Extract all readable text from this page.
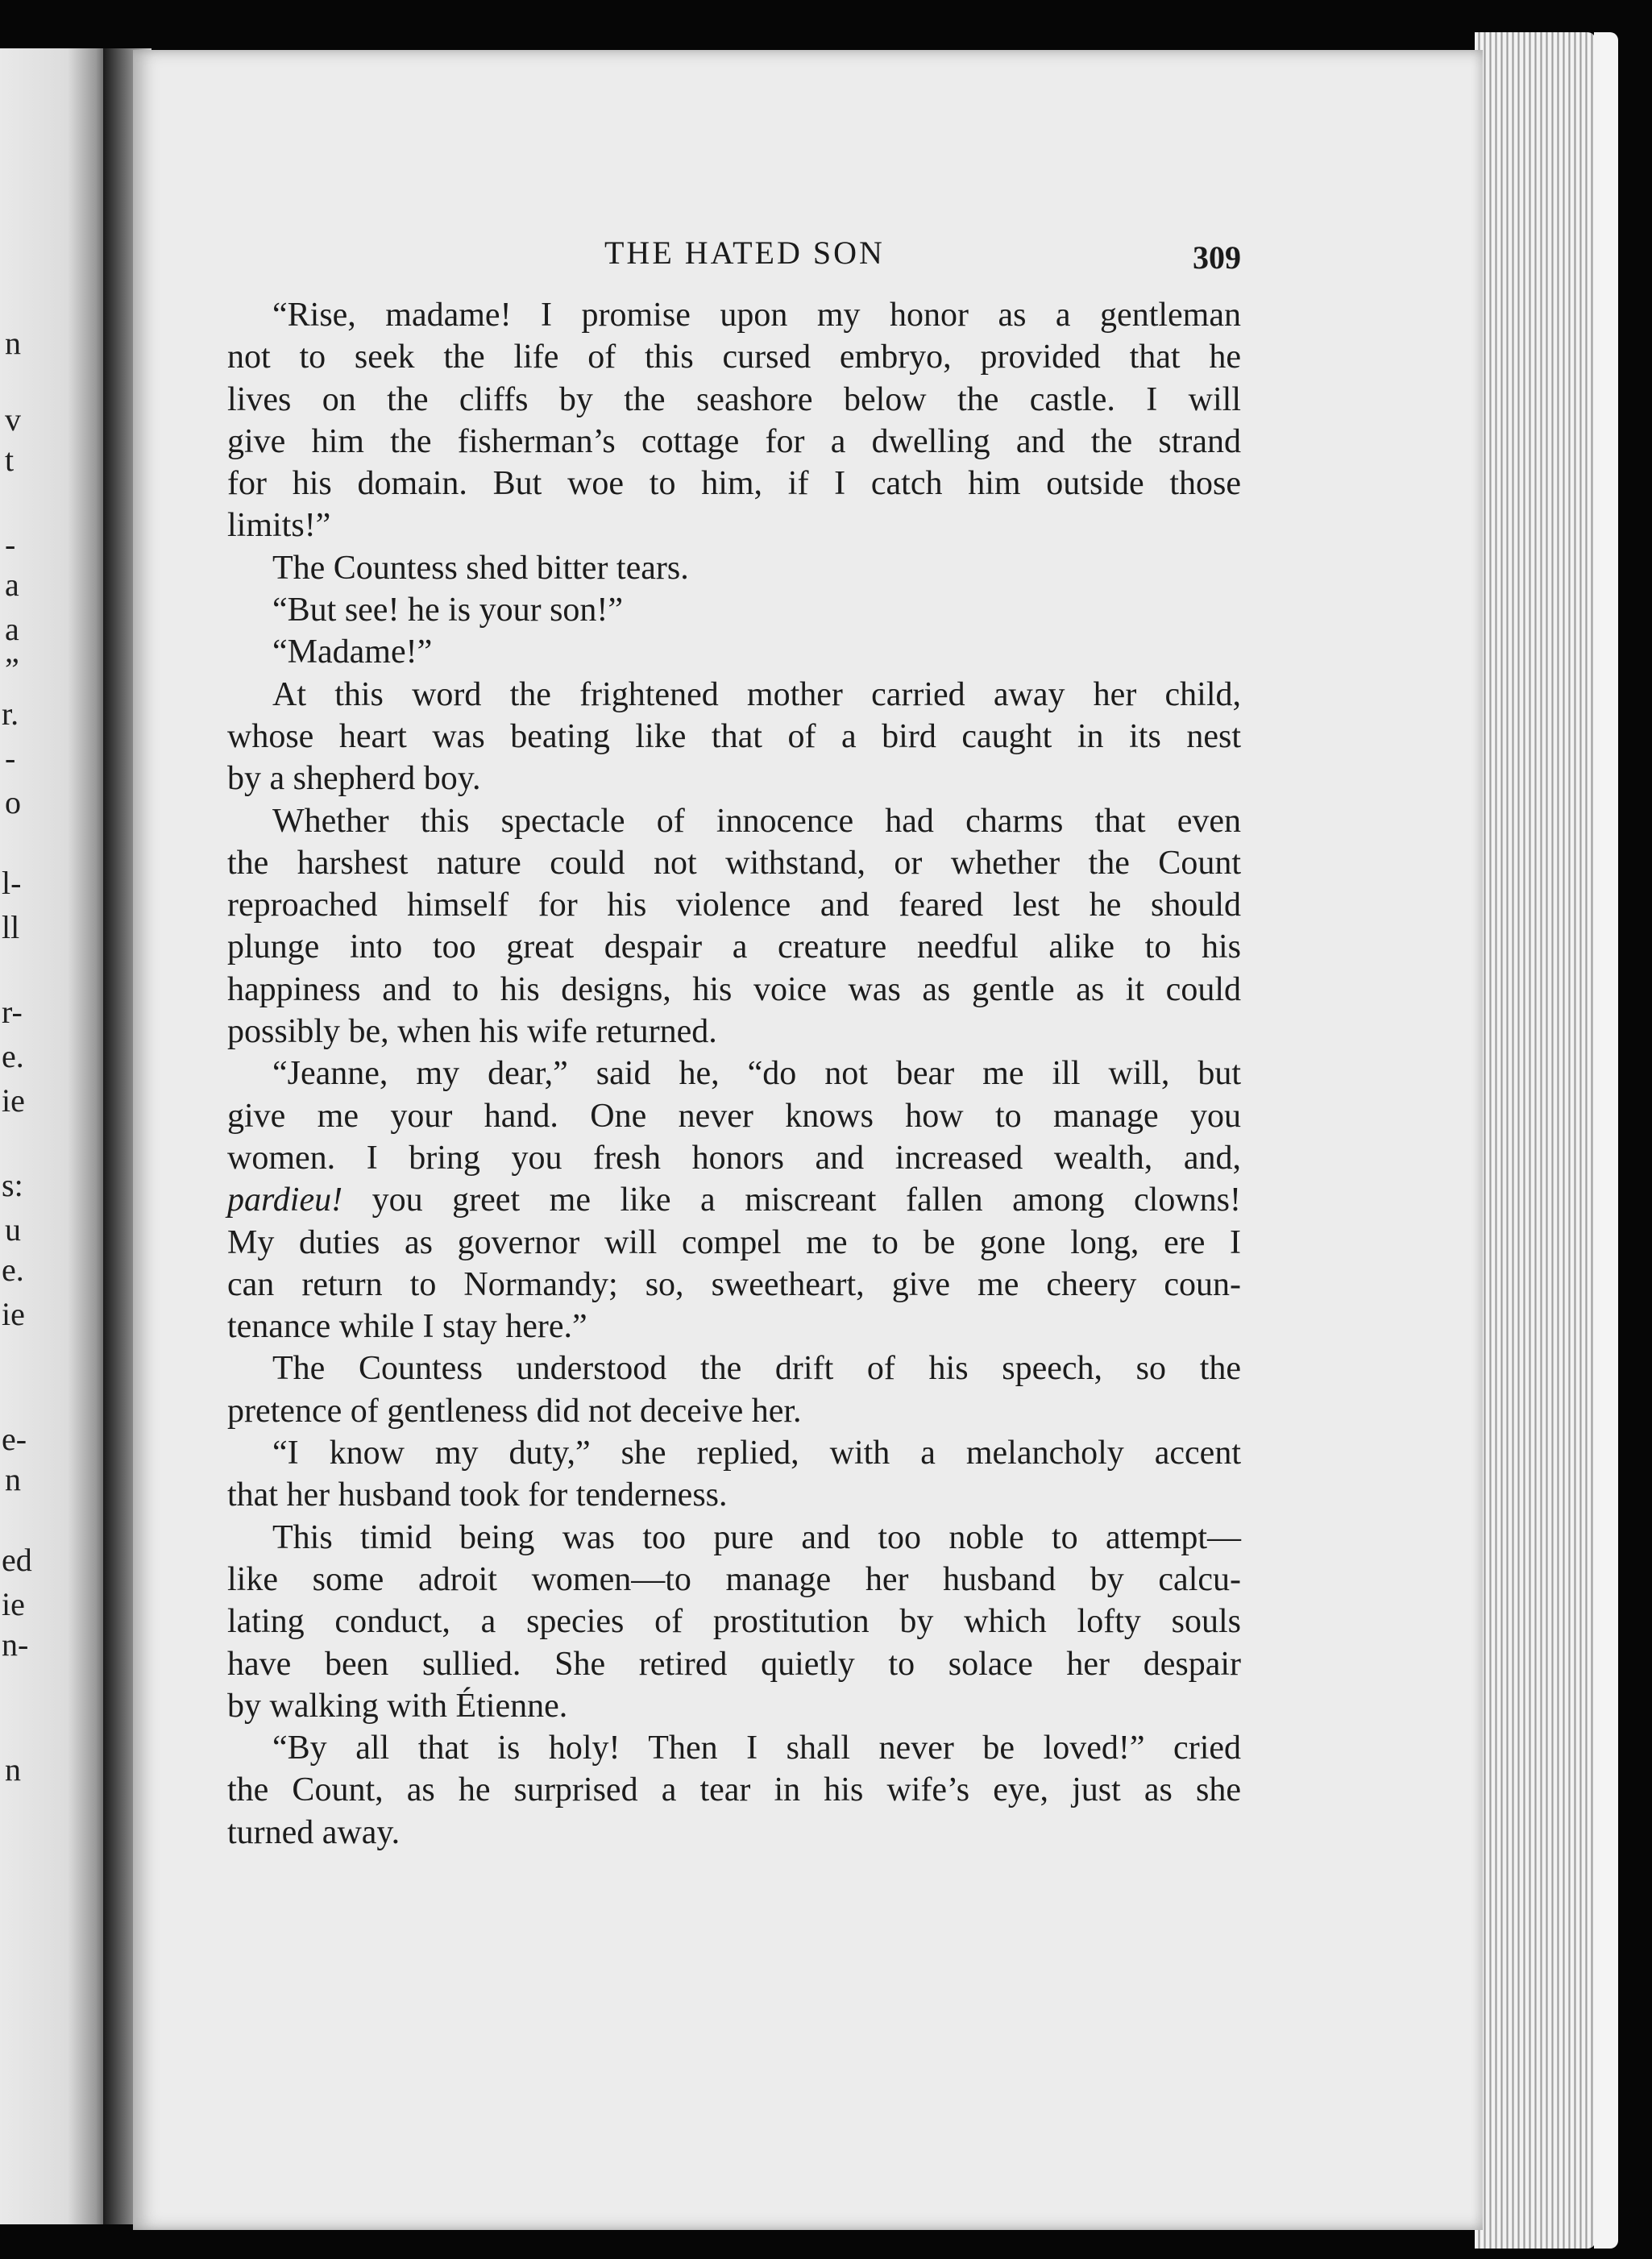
n
v
t
-
a
a
”
r.
-
o
l-
ll
r-
e.
ie
s:
u
e.
ie
e-
n
ed
ie
n-
n
THE HATED SON	309
“Rise, madame! I promise upon my honor as a gentleman
not to seek the life of this cursed embryo, provided that he
lives on the cliffs by the seashore below the castle. I will
give him the fisherman’s cottage for a dwelling and the strand
for his domain. But woe to him, if I catch him outside those
limits!”
The Countess shed bitter tears.
“But see! he is your son!”
“Madame!”
At this word the frightened mother carried away her child,
whose heart was beating like that of a bird caught in its nest
by a shepherd boy.
Whether this spectacle of innocence had charms that even
the harshest nature could not withstand, or whether the Count
reproached himself for his violence and feared lest he should
plunge into too great despair a creature needful alike to his
happiness and to his designs, his voice was as gentle as it could
possibly be, when his wife returned.
“Jeanne, my dear,” said he, “do not bear me ill will, but
give me your hand. One never knows how to manage you
women. I bring you fresh honors and increased wealth, and,
pardieu! you greet me like a miscreant fallen among clowns!
My duties as governor will compel me to be gone long, ere I
can return to Normandy; so, sweetheart, give me cheery coun-
tenance while I stay here.”
The Countess understood the drift of his speech, so the
pretence of gentleness did not deceive her.
“I know my duty,” she replied, with a melancholy accent
that her husband took for tenderness.
This timid being was too pure and too noble to attempt—
like some adroit women—to manage her husband by calcu-
lating conduct, a species of prostitution by which lofty souls
have been sullied. She retired quietly to solace her despair
by walking with Étienne.
“By all that is holy! Then I shall never be loved!” cried
the Count, as he surprised a tear in his wife’s eye, just as she
turned away.
